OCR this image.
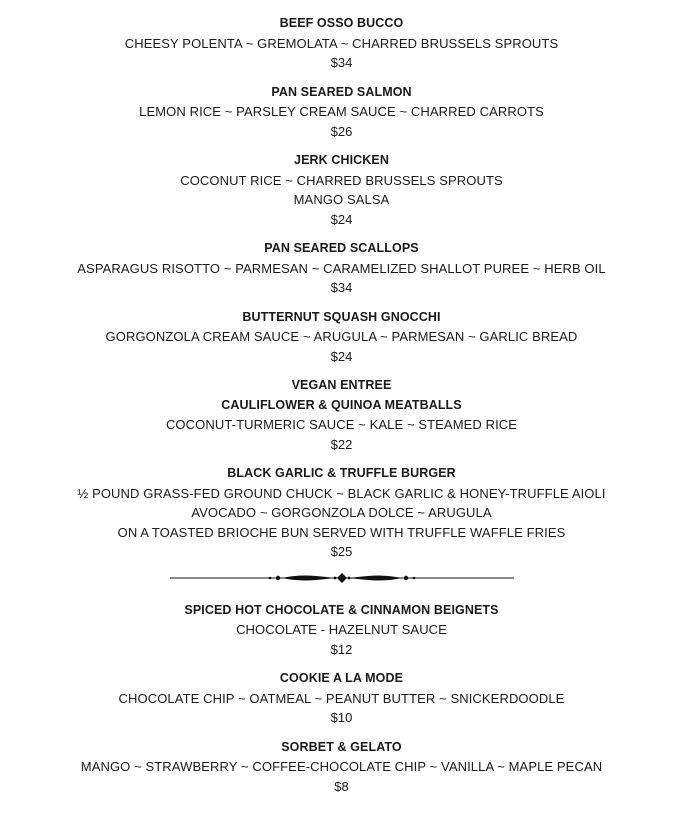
BEEF OSSO BUCCO
CHEESY POLENTA ~ GREMOLATA ~ CHARRED BRUSSELS SPROUTS
$34
PAN SEARED SALMON
LEMON RICE ~ PARSLEY CREAM SAUCE ~ CHARRED CARROTS
$26
JERK CHICKEN
COCONUT RICE ~ CHARRED BRUSSELS SPROUTS
MANGO SALSA
$24
PAN SEARED SCALLOPS
ASPARAGUS RISOTTO ~ PARMESAN ~ CARAMELIZED SHALLOT PUREE ~ HERB OIL
$34
BUTTERNUT SQUASH GNOCCHI
GORGONZOLA CREAM SAUCE ~ ARUGULA ~ PARMESAN ~ GARLIC BREAD
$24
VEGAN ENTREE
CAULIFLOWER & QUINOA MEATBALLS
COCONUT-TURMERIC SAUCE ~ KALE ~ STEAMED RICE
$22
BLACK GARLIC & TRUFFLE BURGER
½ POUND GRASS-FED GROUND CHUCK ~ BLACK GARLIC & HONEY-TRUFFLE AIOLI
AVOCADO ~ GORGONZOLA DOLCE ~ ARUGULA
ON A TOASTED BRIOCHE BUN SERVED WITH TRUFFLE WAFFLE FRIES
$25
SPICED HOT CHOCOLATE & CINNAMON BEIGNETS
CHOCOLATE - HAZELNUT SAUCE
$12
COOKIE A LA MODE
CHOCOLATE CHIP ~ OATMEAL ~ PEANUT BUTTER ~ SNICKERDOODLE
$10
SORBET & GELATO
MANGO ~ STRAWBERRY ~ COFFEE-CHOCOLATE CHIP ~ VANILLA ~ MAPLE PECAN
$8
